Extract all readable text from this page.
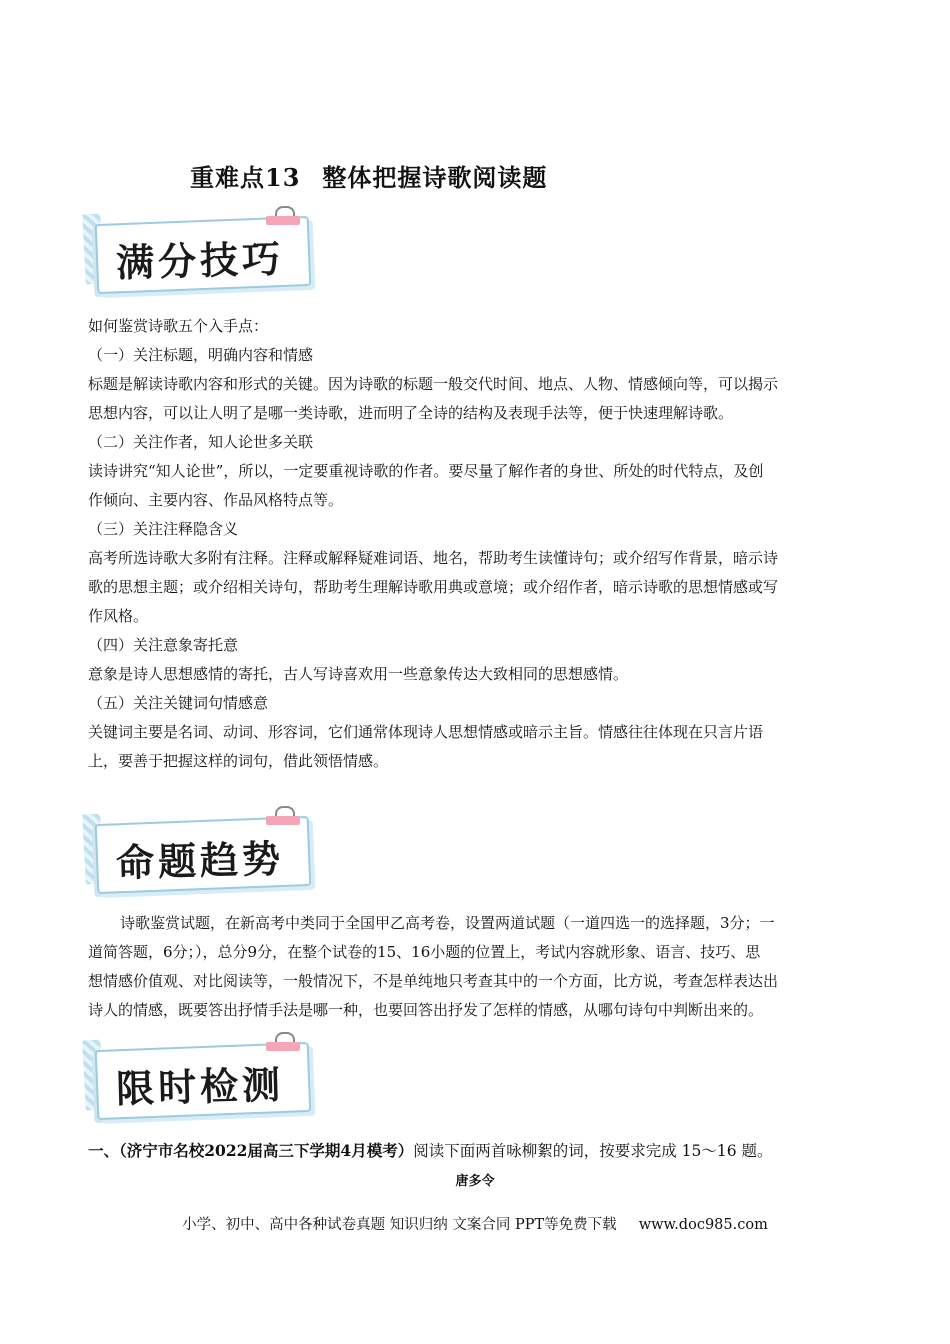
重难点13 整体把握诗歌阅读题
满分技巧

如何鉴赏诗歌五个入手点：

（一）关注标题，明确内容和情感

标题是解读诗歌内容和形式的关键。因为诗歌的标题一般交代时间、地点、人物、情感倾向等，可以揭示

思想内容，可以让人明了是哪一类诗歌，进而明了全诗的结构及表现手法等，便于快速理解诗歌。

（二）关注作者，知人论世多关联

读诗讲究“知人论世”，所以，一定要重视诗歌的作者。要尽量了解作者的身世、所处的时代特点，及创

作倾向、主要内容、作品风格特点等。

（三）关注注释隐含义

高考所选诗歌大多附有注释。注释或解释疑难词语、地名，帮助考生读懂诗句；或介绍写作背景，暗示诗

歌的思想主题；或介绍相关诗句，帮助考生理解诗歌用典或意境；或介绍作者，暗示诗歌的思想情感或写

作风格。

（四）关注意象寄托意

意象是诗人思想感情的寄托，古人写诗喜欢用一些意象传达大致相同的思想感情。

（五）关注关键词句情感意

关键词主要是名词、动词、形容词，它们通常体现诗人思想情感或暗示主旨。情感往往体现在只言片语

上，要善于把握这样的词句，借此领悟情感。

命题趋势

诗歌鉴赏试题，在新高考中类同于全国甲乙高考卷，设置两道试题（一道四选一的选择题，3分；一

道简答题，6分；），总分9分，在整个试卷的15、16小题的位置上，考试内容就形象、语言、技巧、思

想情感价值观、对比阅读等，一般情况下，不是单纯地只考查其中的一个方面，比方说，考查怎样表达出

诗人的情感，既要答出抒情手法是哪一种，也要回答出抒发了怎样的情感，从哪句诗句中判断出来的。

限时检测
一、（济宁市名校2022届高三下学期4月模考）阅读下面两首咏柳絮的词，按要求完成 15～16 题。
唐多令
小学、初中、高中各种试卷真题 知识归纳 文案合同 PPT等免费下载 www.doc985.com
